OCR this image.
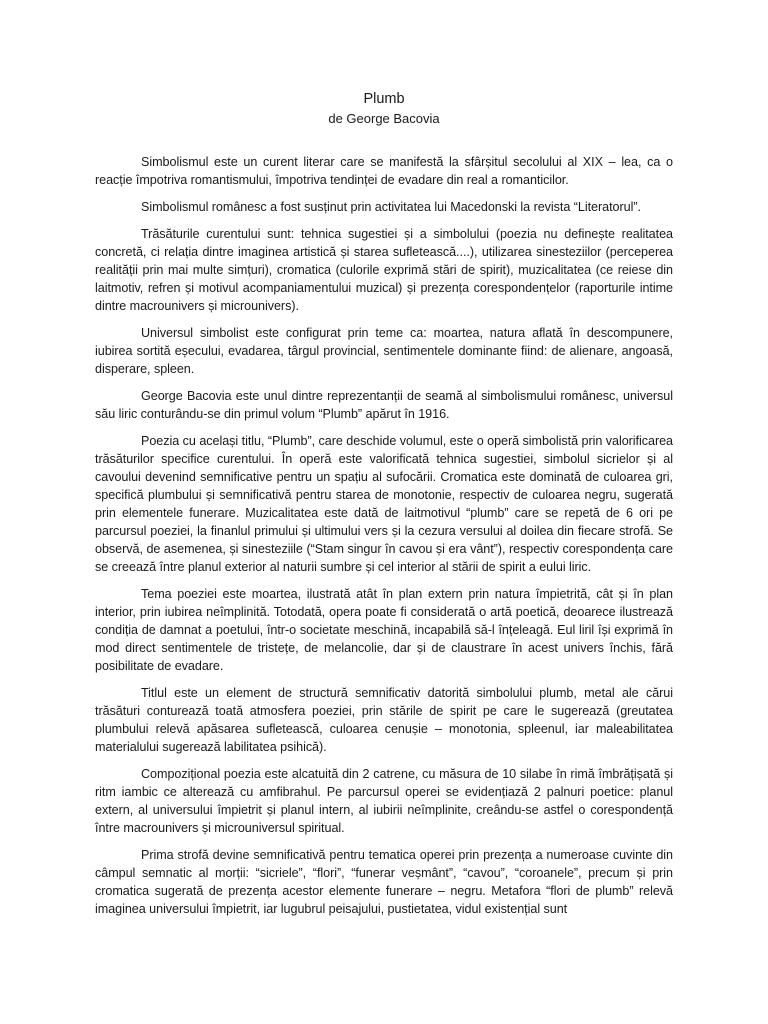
Plumb
de George Bacovia

Simbolismul este un curent literar care se manifestă la sfârșitul secolului al XIX – lea, ca o reacție împotriva romantismului, împotriva tendinței de evadare din real a romanticilor.

Simbolismul românesc a fost susținut prin activitatea lui Macedonski la revista “Literatorul”.

Trăsăturile curentului sunt: tehnica sugestiei și a simbolului (poezia nu definește realitatea concretă, ci relația dintre imaginea artistică și starea sufletească....), utilizarea sinesteziilor (perceperea realității prin mai multe simțuri), cromatica (culorile exprimă stări de spirit), muzicalitatea (ce reiese din laitmotiv, refren și motivul acompaniamentului muzical) și prezența corespondențelor (raporturile intime dintre macrounivers și microunivers).

Universul simbolist este configurat prin teme ca: moartea, natura aflată în descompunere, iubirea sortită eșecului, evadarea, târgul provincial, sentimentele dominante fiind: de alienare, angoasă, disperare, spleen.

George Bacovia este unul dintre reprezentanții de seamă al simbolismului românesc, universul său liric conturându-se din primul volum “Plumb” apărut în 1916.

Poezia cu același titlu, “Plumb”, care deschide volumul, este o operă simbolistă prin valorificarea trăsăturilor specifice curentului. În operă este valorificată tehnica sugestiei, simbolul sicrielor și al cavoului devenind semnificative pentru un spațiu al sufocării. Cromatica este dominată de culoarea gri, specifică plumbului și semnificativă pentru starea de monotonie, respectiv de culoarea negru, sugerată prin elementele funerare. Muzicalitatea este dată de laitmotivul “plumb” care se repetă de 6 ori pe parcursul poeziei, la finanlul primului și ultimului vers și la cezura versului al doilea din fiecare strofă. Se observă, de asemenea, și sinesteziile (“Stam singur în cavou și era vânt”), respectiv corespondența care se creează între planul exterior al naturii sumbre și cel interior al stării de spirit a eului liric.

Tema poeziei este moartea, ilustrată atât în plan extern prin natura împietrită, cât și în plan interior, prin iubirea neîmplinită. Totodată, opera poate fi considerată o artă poetică, deoarece ilustrează condiția de damnat a poetului, într-o societate meschină, incapabilă să-l înțeleagă. Eul liril își exprimă în mod direct sentimentele de tristețe, de melancolie, dar și de claustrare în acest univers închis, fără posibilitate de evadare.

Titlul este un element de structură semnificativ datorită simbolului plumb, metal ale cărui trăsături conturează toată atmosfera poeziei, prin stările de spirit pe care le sugerează (greutatea plumbului relevă apăsarea sufletească, culoarea cenușie – monotonia, spleenul, iar maleabilitatea materialului sugerează labilitatea psihică).

Compozițional poezia este alcatuită din 2 catrene, cu măsura de 10 silabe în rimă îmbrățișată și ritm iambic ce alterează cu amfibrahul. Pe parcursul operei se evidențiază 2 palnuri poetice: planul extern, al universului împietrit și planul intern, al iubirii neîmplinite, creându-se astfel o corespondență între macrounivers și microuniversul spiritual.

Prima strofă devine semnificativă pentru tematica operei prin prezența a numeroase cuvinte din câmpul semnatic al morții: “sicriele”, “flori”, “funerar veșmânt”, “cavou”, “coroanele”, precum și prin cromatica sugerată de prezența acestor elemente funerare – negru. Metafora “flori de plumb” relevă imaginea universului împietrit, iar lugubrul peisajului, pustietatea, vidul existențial sunt
